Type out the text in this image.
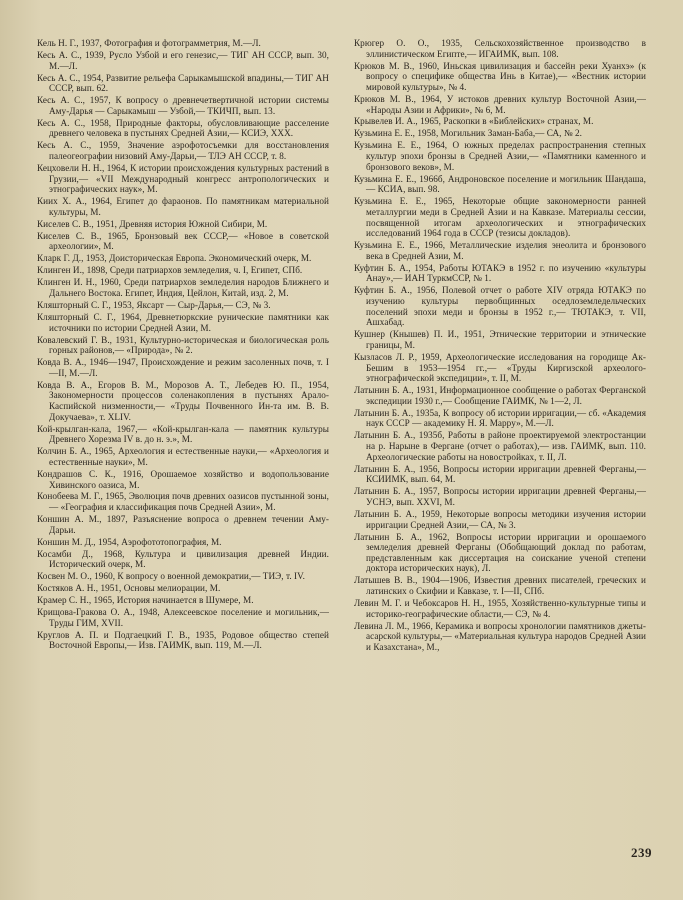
Кель Н. Г., 1937, Фотография и фотограмметрия, М.—Л.

Кесь А. С., 1939, Русло Узбой и его генезис,— ТИГ АН СССР, вып. 30, М.—Л.

Кесь А. С., 1954, Развитие рельефа Сарыкамышской впадины,— ТИГ АН СССР, вып. 62.

Кесь А. С., 1957, К вопросу о древнечетвертичной истории системы Аму-Дарья — Сарыкамыш — Узбой,— ТКИЧП, вып. 13.

Кесь А. С., 1958, Природные факторы, обусловливающие расселение древнего человека в пустынях Средней Азии,— КСИЭ, XXX.

Кесь А. С., 1959, Значение аэрофотосъемки для восстановления палеогеографии низовий Аму-Дарьи,— ТЛЭ АН СССР, т. 8.

Кецховели Н. Н., 1964, К истории происхождения культурных растений в Грузии,— «VII Международный конгресс антропологических и этнографических наук», М.

Киих Х. А., 1964, Египет до фараонов. По памятникам материальной культуры, М.

Киселев С. В., 1951, Древняя история Южной Сибири, М.

Киселев С. В., 1965, Бронзовый век СССР,— «Новое в советской археологии», М.

Кларк Г. Д., 1953, Доисторическая Европа. Экономический очерк, М.

Клинген И., 1898, Среди патриархов земледелия, ч. I, Египет, СПб.

Клинген И. Н., 1960, Среди патриархов земледелия народов Ближнего и Дальнего Востока. Египет, Индия, Цейлон, Китай, изд. 2, М.

Кляшторный С. Г., 1953, Яксарт — Сыр-Дарья,— СЭ, № 3.

Кляшторный С. Г., 1964, Древнетюркские рунические памятники как источники по истории Средней Азии, М.

Ковалевский Г. В., 1931, Культурно-историческая и биологическая роль горных районов,— «Природа», № 2.

Ковда В. А., 1946—1947, Происхождение и режим засоленных почв, т. I—II, М.—Л.

Ковда В. А., Егоров В. М., Морозов А. Т., Лебедев Ю. П., 1954, Закономерности процессов соленакопления в пустынях Арало-Каспийской низменности,— «Труды Почвенного Ин-та им. В. В. Докучаева», т. XLIV.

Кой-крылган-кала, 1967,— «Кой-крылган-кала — памятник культуры Древнего Хорезма IV в. до н. э.», М.

Колчин Б. А., 1965, Археология и естественные науки,— «Археология и естественные науки», М.

Кондрашов С. К., 1916, Орошаемое хозяйство и водопользование Хивинского оазиса, М.

Конобеева М. Г., 1965, Эволюция почв древних оазисов пустынной зоны,— «География и классификация почв Средней Азии», М.

Коншин А. М., 1897, Разъяснение вопроса о древнем течении Аму-Дарьи.

Коншин М. Д., 1954, Аэрофототопография, М.

Косамби Д., 1968, Культура и цивилизация древней Индии. Исторический очерк, М.

Косвен М. О., 1960, К вопросу о военной демократии,— ТИЭ, т. IV.

Костяков А. Н., 1951, Основы мелиорации, М.

Крамер С. Н., 1965, История начинается в Шумере, М.

Крищова-Гракова О. А., 1948, Алексеевское поселение и могильник,— Труды ГИМ, XVII.

Круглов А. П. и Подгаецкий Г. В., 1935, Родовое общество степей Восточной Европы,— Изв. ГАИМК, вып. 119, М.—Л.

Крюгер О. О., 1935, Сельскохозяйственное производство в эллинистическом Египте,— ИГАИМК, вып. 108.

Крюков М. В., 1960, Иньская цивилизация и бассейн реки Хуанхэ» (к вопросу о специфике общества Инь в Китае),— «Вестник истории мировой культуры», № 4.

Крюков М. В., 1964, У истоков древних культур Восточной Азии,— «Народы Азии и Африки», № 6, М.

Крывелев И. А., 1965, Раскопки в «Библейских» странах, М.

Кузьмина Е. Е., 1958, Могильник Заман-Баба,— СА, № 2.

Кузьмина Е. Е., 1964, О южных пределах распространения степных культур эпохи бронзы в Средней Азии,— «Памятники каменного и бронзового веков», М.

Кузьмина Е. Е., 1966б, Андроновское поселение и могильник Шандаша,— КСИА, вып. 98.

Кузьмина Е. Е., 1965, Некоторые общие закономерности ранней металлургии меди в Средней Азии и на Кавказе. Материалы сессии, посвященной итогам археологических и этнографических исследований 1964 года в СССР (тезисы докладов).

Кузьмина Е. Е., 1966, Металлические изделия энеолита и бронзового века в Средней Азии, М.

Куфтин Б. А., 1954, Работы ЮТАКЭ в 1952 г. по изучению «культуры Анау»,— ИАН ТуркмССР, № 1.

Куфтин Б. А., 1956, Полевой отчет о работе XIV отряда ЮТАКЭ по изучению культуры первобщинных оседлоземледельческих поселений эпохи меди и бронзы в 1952 г.,— ТЮТАКЭ, т. VII, Ашхабад.

Кушнер (Кнышев) П. И., 1951, Этнические территории и этнические границы, М.

Кызласов Л. Р., 1959, Археологические исследования на городище Ак-Бешим в 1953—1954 гг.,— «Труды Киргизской археолого-этнографической экспедиции», т. II, М.

Латынин Б. А., 1931, Информационное сообщение о работах Ферганской экспедиции 1930 г.,— Сообщение ГАИМК, № 1—2, Л.

Латынин Б. А., 1935а, К вопросу об истории ирригации,— сб. «Академия наук СССР — академику Н. Я. Марру», М.—Л.

Латынин Б. А., 1935б, Работы в районе проектируемой электростанции на р. Нарыне в Фергане (отчет о работах),— изв. ГАИМК, вып. 110. Археологические работы на новостройках, т. II, Л.

Латынин Б. А., 1956, Вопросы истории ирригации древней Ферганы,— КСИИМК, вып. 64, М.

Латынин Б. А., 1957, Вопросы истории ирригации древней Ферганы,— УСНЭ, вып. XXVI, М.

Латынин Б. А., 1959, Некоторые вопросы методики изучения истории ирригации Средней Азии,— СА, № 3.

Латынин Б. А., 1962, Вопросы истории ирригации и орошаемого земледелия древней Ферганы (Обобщающий доклад по работам, представленным как диссертация на соискание ученой степени доктора исторических наук), Л.

Латышев В. В., 1904—1906, Известия древних писателей, греческих и латинских о Скифии и Кавказе, т. I—II, СПб.

Левин М. Г. и Чебоксаров Н. Н., 1955, Хозяйственно-культурные типы и историко-географические области,— СЭ, № 4.

Левина Л. М., 1966, Керамика и вопросы хронологии памятников джеты-асарской культуры,— «Материальная культура народов Средней Азии и Казахстана», М.,

239
